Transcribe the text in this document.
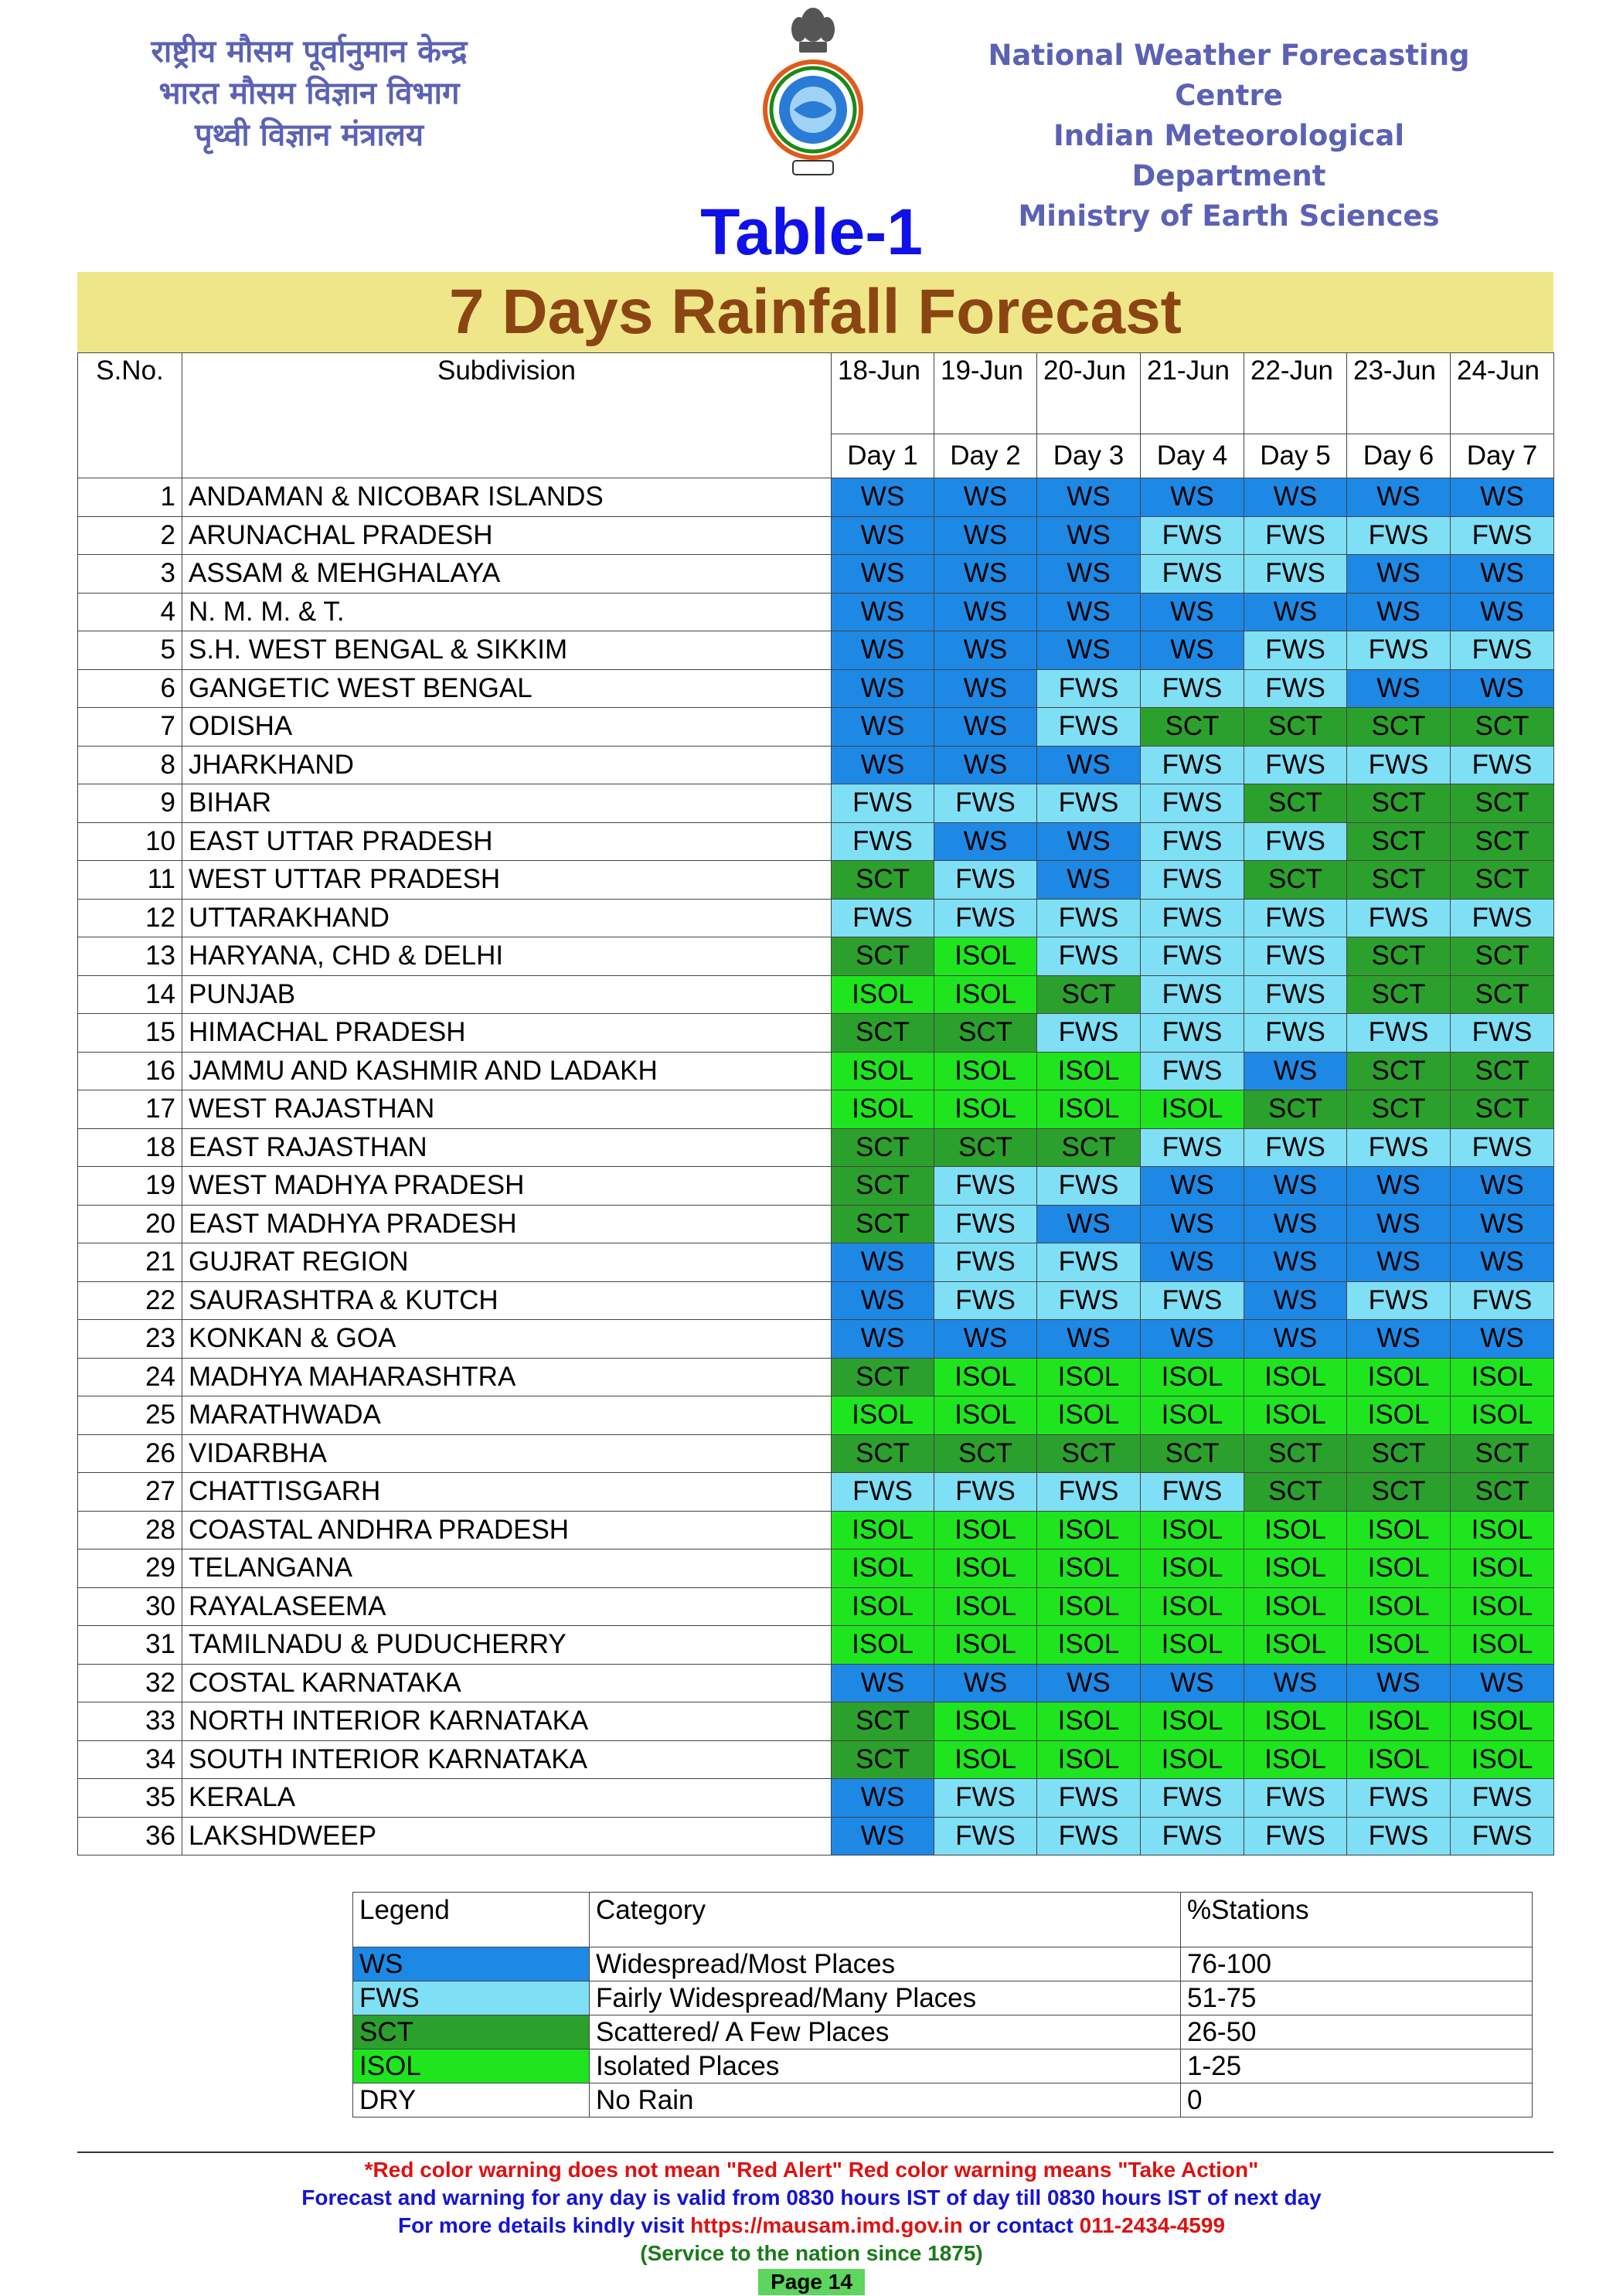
राष्ट्रीय मौसम पूर्वानुमान केन्द्र
भारत मौसम विज्ञान विभाग
पृथ्वी विज्ञान मंत्रालय
National Weather Forecasting Centre
Indian Meteorological Department
Ministry of Earth Sciences
Table-1
7 Days Rainfall Forecast
S.No.	Subdivision	18-Jun	19-Jun	20-Jun	21-Jun	22-Jun	23-Jun	24-Jun
		Day 1	Day 2	Day 3	Day 4	Day 5	Day 6	Day 7
1	ANDAMAN & NICOBAR ISLANDS	WS	WS	WS	WS	WS	WS	WS
2	ARUNACHAL PRADESH	WS	WS	WS	FWS	FWS	FWS	FWS
3	ASSAM & MEHGHALAYA	WS	WS	WS	FWS	FWS	WS	WS
4	N. M. M. & T.	WS	WS	WS	WS	WS	WS	WS
5	S.H. WEST BENGAL & SIKKIM	WS	WS	WS	WS	FWS	FWS	FWS
6	GANGETIC WEST BENGAL	WS	WS	FWS	FWS	FWS	WS	WS
7	ODISHA	WS	WS	FWS	SCT	SCT	SCT	SCT
8	JHARKHAND	WS	WS	WS	FWS	FWS	FWS	FWS
9	BIHAR	FWS	FWS	FWS	FWS	SCT	SCT	SCT
10	EAST UTTAR PRADESH	FWS	WS	WS	FWS	FWS	SCT	SCT
11	WEST UTTAR PRADESH	SCT	FWS	WS	FWS	SCT	SCT	SCT
12	UTTARAKHAND	FWS	FWS	FWS	FWS	FWS	FWS	FWS
13	HARYANA, CHD & DELHI	SCT	ISOL	FWS	FWS	FWS	SCT	SCT
14	PUNJAB	ISOL	ISOL	SCT	FWS	FWS	SCT	SCT
15	HIMACHAL PRADESH	SCT	SCT	FWS	FWS	FWS	FWS	FWS
16	JAMMU AND KASHMIR AND LADAKH	ISOL	ISOL	ISOL	FWS	WS	SCT	SCT
17	WEST RAJASTHAN	ISOL	ISOL	ISOL	ISOL	SCT	SCT	SCT
18	EAST RAJASTHAN	SCT	SCT	SCT	FWS	FWS	FWS	FWS
19	WEST MADHYA PRADESH	SCT	FWS	FWS	WS	WS	WS	WS
20	EAST MADHYA PRADESH	SCT	FWS	WS	WS	WS	WS	WS
21	GUJRAT REGION	WS	FWS	FWS	WS	WS	WS	WS
22	SAURASHTRA & KUTCH	WS	FWS	FWS	FWS	WS	FWS	FWS
23	KONKAN & GOA	WS	WS	WS	WS	WS	WS	WS
24	MADHYA MAHARASHTRA	SCT	ISOL	ISOL	ISOL	ISOL	ISOL	ISOL
25	MARATHWADA	ISOL	ISOL	ISOL	ISOL	ISOL	ISOL	ISOL
26	VIDARBHA	SCT	SCT	SCT	SCT	SCT	SCT	SCT
27	CHATTISGARH	FWS	FWS	FWS	FWS	SCT	SCT	SCT
28	COASTAL ANDHRA PRADESH	ISOL	ISOL	ISOL	ISOL	ISOL	ISOL	ISOL
29	TELANGANA	ISOL	ISOL	ISOL	ISOL	ISOL	ISOL	ISOL
30	RAYALASEEMA	ISOL	ISOL	ISOL	ISOL	ISOL	ISOL	ISOL
31	TAMILNADU & PUDUCHERRY	ISOL	ISOL	ISOL	ISOL	ISOL	ISOL	ISOL
32	COSTAL KARNATAKA	WS	WS	WS	WS	WS	WS	WS
33	NORTH INTERIOR KARNATAKA	SCT	ISOL	ISOL	ISOL	ISOL	ISOL	ISOL
34	SOUTH INTERIOR KARNATAKA	SCT	ISOL	ISOL	ISOL	ISOL	ISOL	ISOL
35	KERALA	WS	FWS	FWS	FWS	FWS	FWS	FWS
36	LAKSHDWEEP	WS	FWS	FWS	FWS	FWS	FWS	FWS
Legend	Category	%Stations
WS	Widespread/Most Places	76-100
FWS	Fairly Widespread/Many Places	51-75
SCT	Scattered/ A Few Places	26-50
ISOL	Isolated Places	1-25
DRY	No Rain	0
*Red color warning does not mean "Red Alert" Red color warning means "Take Action"
Forecast and warning for any day is valid from 0830 hours IST of day till 0830 hours IST of next day
For more details kindly visit https://mausam.imd.gov.in or contact 011-2434-4599
(Service to the nation since 1875)
Page 14
